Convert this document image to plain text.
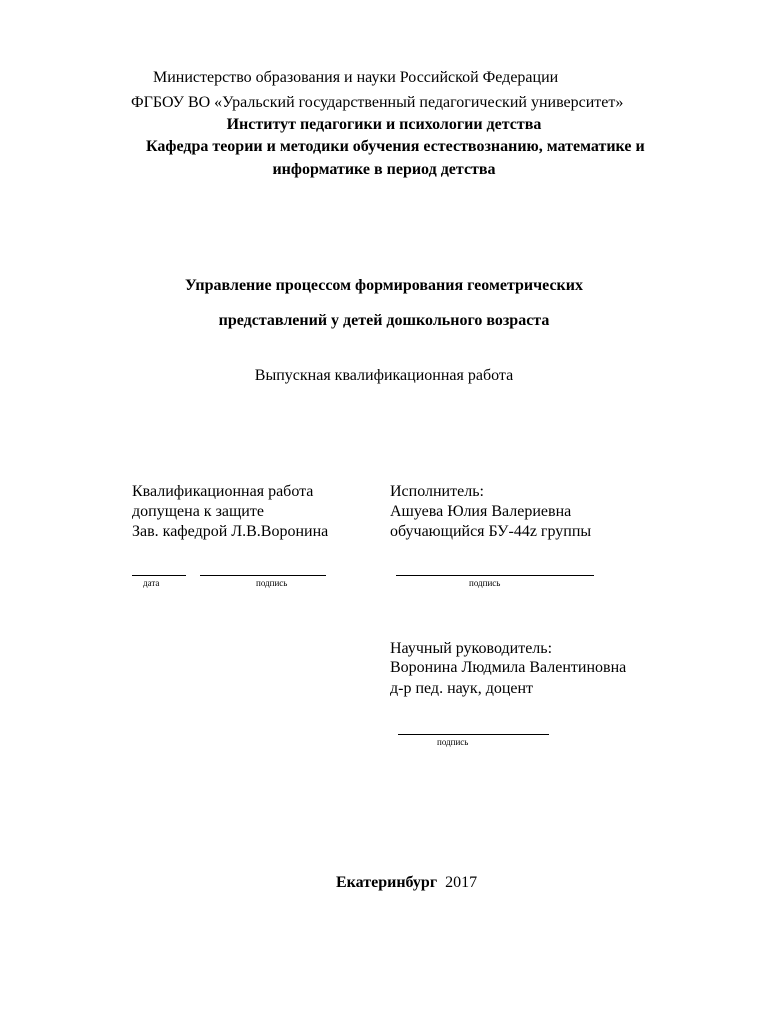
Министерство образования и науки Российской Федерации
ФГБОУ ВО «Уральский государственный педагогический университет»
Институт педагогики и психологии детства
Кафедра теории и методики обучения естествознанию, математике и
информатике в период детства
Управление процессом формирования геометрических
представлений у детей дошкольного возраста
Выпускная квалификационная работа
Квалификационная работа
допущена к защите
Зав. кафедрой Л.В.Воронина
дата	подпись
Исполнитель:
Ашуева Юлия Валериевна
обучающийся БУ-44z группы
подпись
Научный руководитель:
Воронина Людмила Валентиновна
д-р пед. наук, доцент
подпись
Екатеринбург 2017
